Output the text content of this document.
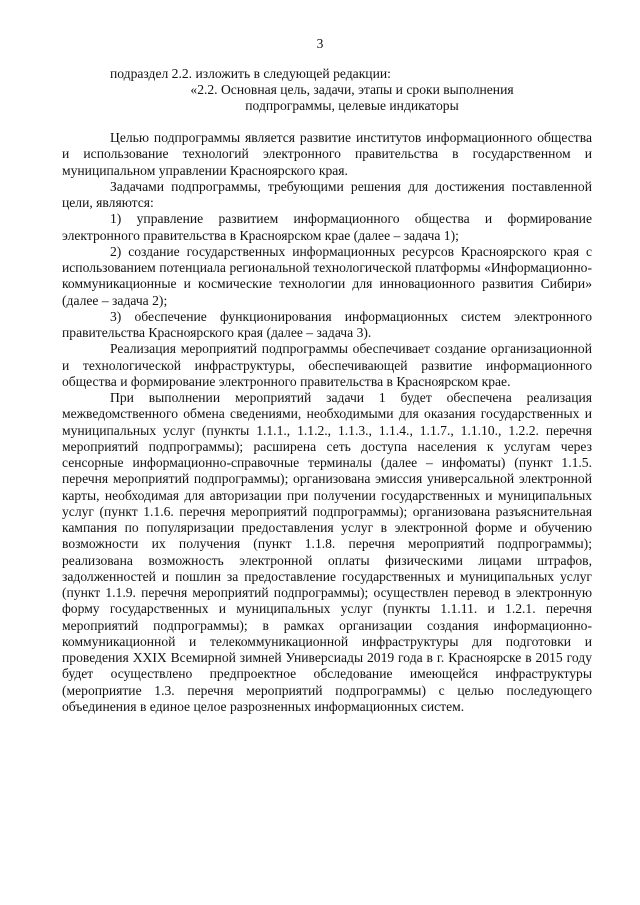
3
подраздел 2.2. изложить в следующей редакции:
«2.2. Основная цель, задачи, этапы и сроки выполнения
подпрограммы, целевые индикаторы

Целью подпрограммы является развитие институтов информационного общества и использование технологий электронного правительства в государственном и муниципальном управлении Красноярского края.

Задачами подпрограммы, требующими решения для достижения поставленной цели, являются:

1) управление развитием информационного общества и формирование электронного правительства в Красноярском крае (далее – задача 1);

2) создание государственных информационных ресурсов Красноярского края с использованием потенциала региональной технологической платформы «Информационно-коммуникационные и космические технологии для инновационного развития Сибири» (далее – задача 2);

3) обеспечение функционирования информационных систем электронного правительства Красноярского края (далее – задача 3).

Реализация мероприятий подпрограммы обеспечивает создание организационной и технологической инфраструктуры, обеспечивающей развитие информационного общества и формирование электронного правительства в Красноярском крае.

При выполнении мероприятий задачи 1 будет обеспечена реализация межведомственного обмена сведениями, необходимыми для оказания государственных и муниципальных услуг (пункты 1.1.1., 1.1.2., 1.1.3., 1.1.4., 1.1.7., 1.1.10., 1.2.2. перечня мероприятий подпрограммы); расширена сеть доступа населения к услугам через сенсорные информационно-справочные терминалы (далее – инфоматы) (пункт 1.1.5. перечня мероприятий подпрограммы); организована эмиссия универсальной электронной карты, необходимая для авторизации при получении государственных и муниципальных услуг (пункт 1.1.6. перечня мероприятий подпрограммы); организована разъяснительная кампания по популяризации предоставления услуг в электронной форме и обучению возможности их получения (пункт 1.1.8. перечня мероприятий подпрограммы); реализована возможность электронной оплаты физическими лицами штрафов, задолженностей и пошлин за предоставление государственных и муниципальных услуг (пункт 1.1.9. перечня мероприятий подпрограммы); осуществлен перевод в электронную форму государственных и муниципальных услуг (пункты 1.1.11. и 1.2.1. перечня мероприятий подпрограммы); в рамках организации создания информационно-коммуникационной и телекоммуникационной инфраструктуры для подготовки и проведения XXIX Всемирной зимней Универсиады 2019 года в г. Красноярске в 2015 году будет осуществлено предпроектное обследование имеющейся инфраструктуры (мероприятие 1.3. перечня мероприятий подпрограммы) с целью последующего объединения в единое целое разрозненных информационных систем.
